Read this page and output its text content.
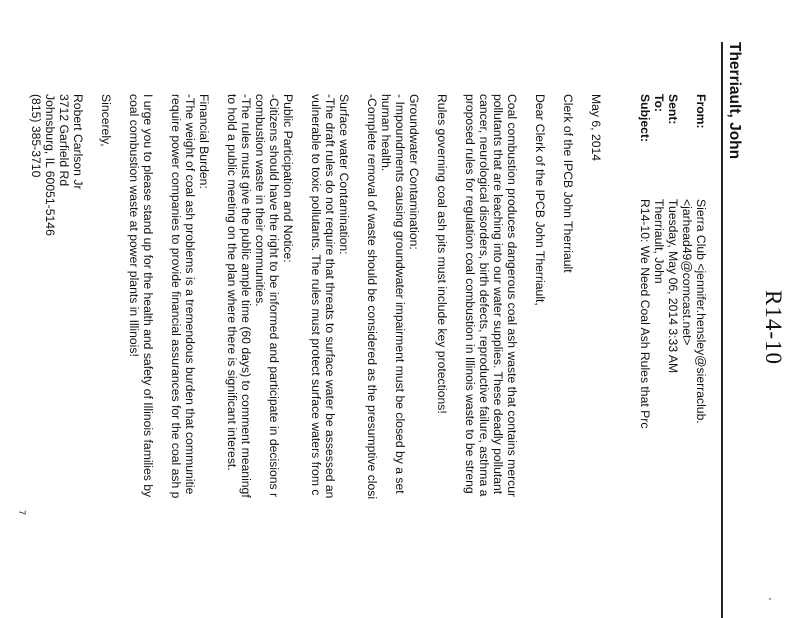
'
R14-10
Therriault, John
From:
Sierra Club <jennifer.hensley@sierraclub.
<jarhead49@comcast.net>
Sent:
Tuesday, May 06, 2014 3:33 AM
To:
Therriault, John
Subject:
R14-10: We Need Coal Ash Rules that Prc
May 6, 2014
Clerk of the IPCB John Therriault
Dear Clerk of the IPCB John Therriault,
Coal combustion produces dangerous coal ash waste that contains mercur
pollutants that are leaching into our water supplies. These deadly pollutant
cancer, neurological disorders, birth defects, reproductive failure, asthma a
proposed rules for regulation coal combustion in Illinois waste to be streng
Rules governing coal ash pits must include key protections!
Groundwater Contamination:
- Impoundments causing groundwater impairment must be closed by a set
human health.
-Complete removal of waste should be considered as the presumptive closi
Surface water Contamination:
-The draft rules do not require that threats to surface water be assessed an
vulnerable to toxic pollutants. The rules must protect surface waters from c
Public Participation and Notice:
-Citizens should have the right to be informed and participate in decisions r
combustion waste in their communities.
-The rules must give the public ample time (60 days) to comment meaningf
to hold a public meeting on the plan where there is significant interest.
Financial Burden:
-The weight of coal ash problems is a tremendous burden that communitie
require power companies to provide financial assurances for the coal ash p
I urge you to please stand up for the health and safety of Illinois families by
coal combustion waste at power plants in Illinois!
Sincerely,
Robert Carlson Jr
3712 Garfield Rd
Johnsburg, IL 60051-5146
(815) 385-3710
7
